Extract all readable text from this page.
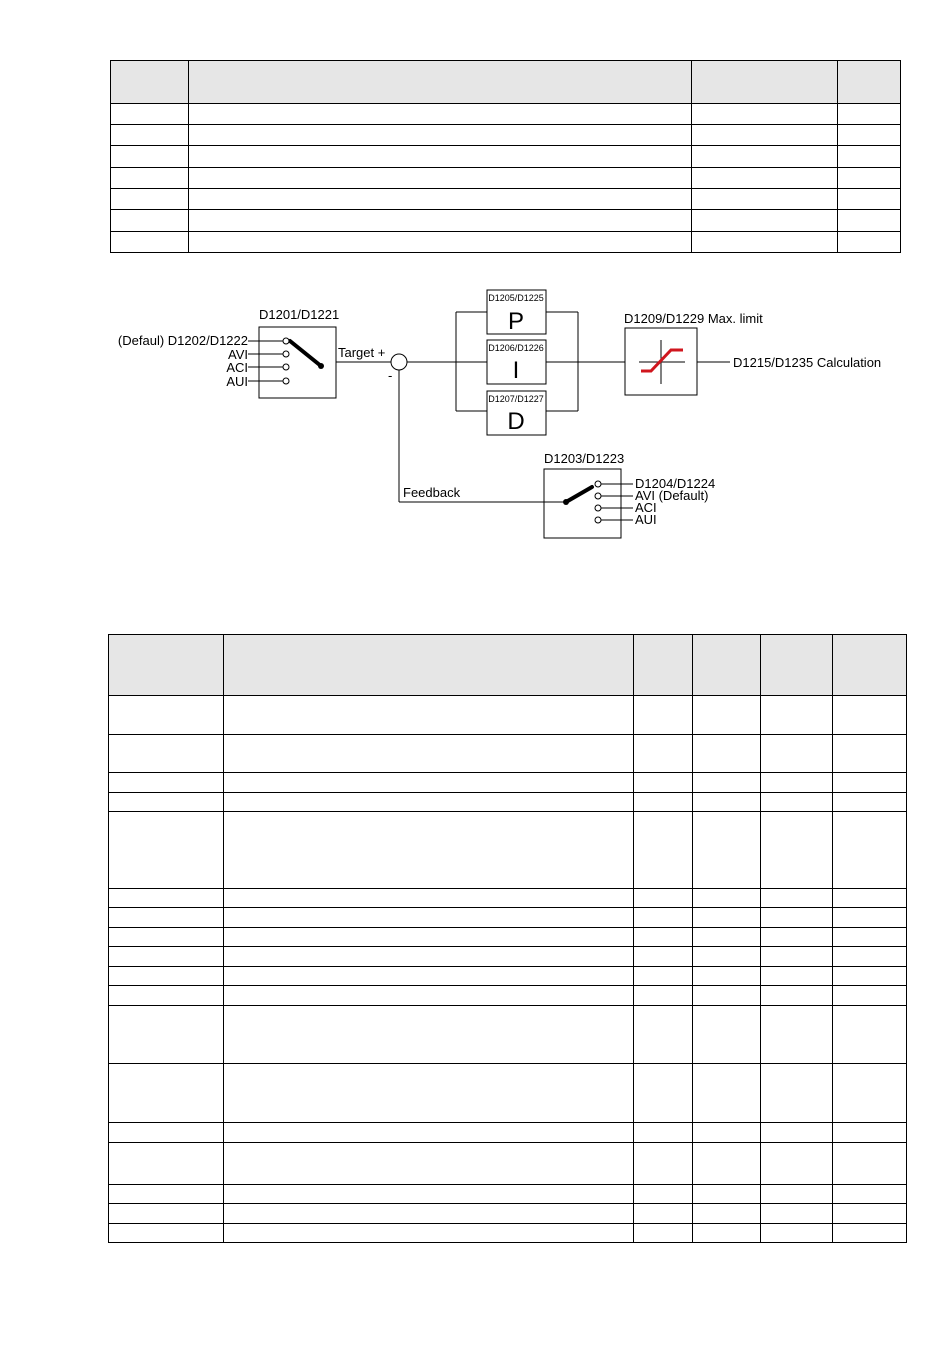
D1201/D1221
(Defaul) D1202/D1222
AVI
ACI
AUI
Target +
-
D1205/D1225
P
D1206/D1226
I
D1207/D1227
D
D1209/D1229 Max. limit
D1215/D1235 Calculation
Feedback
D1203/D1223
D1204/D1224
AVI (Default)
ACI
AUI
